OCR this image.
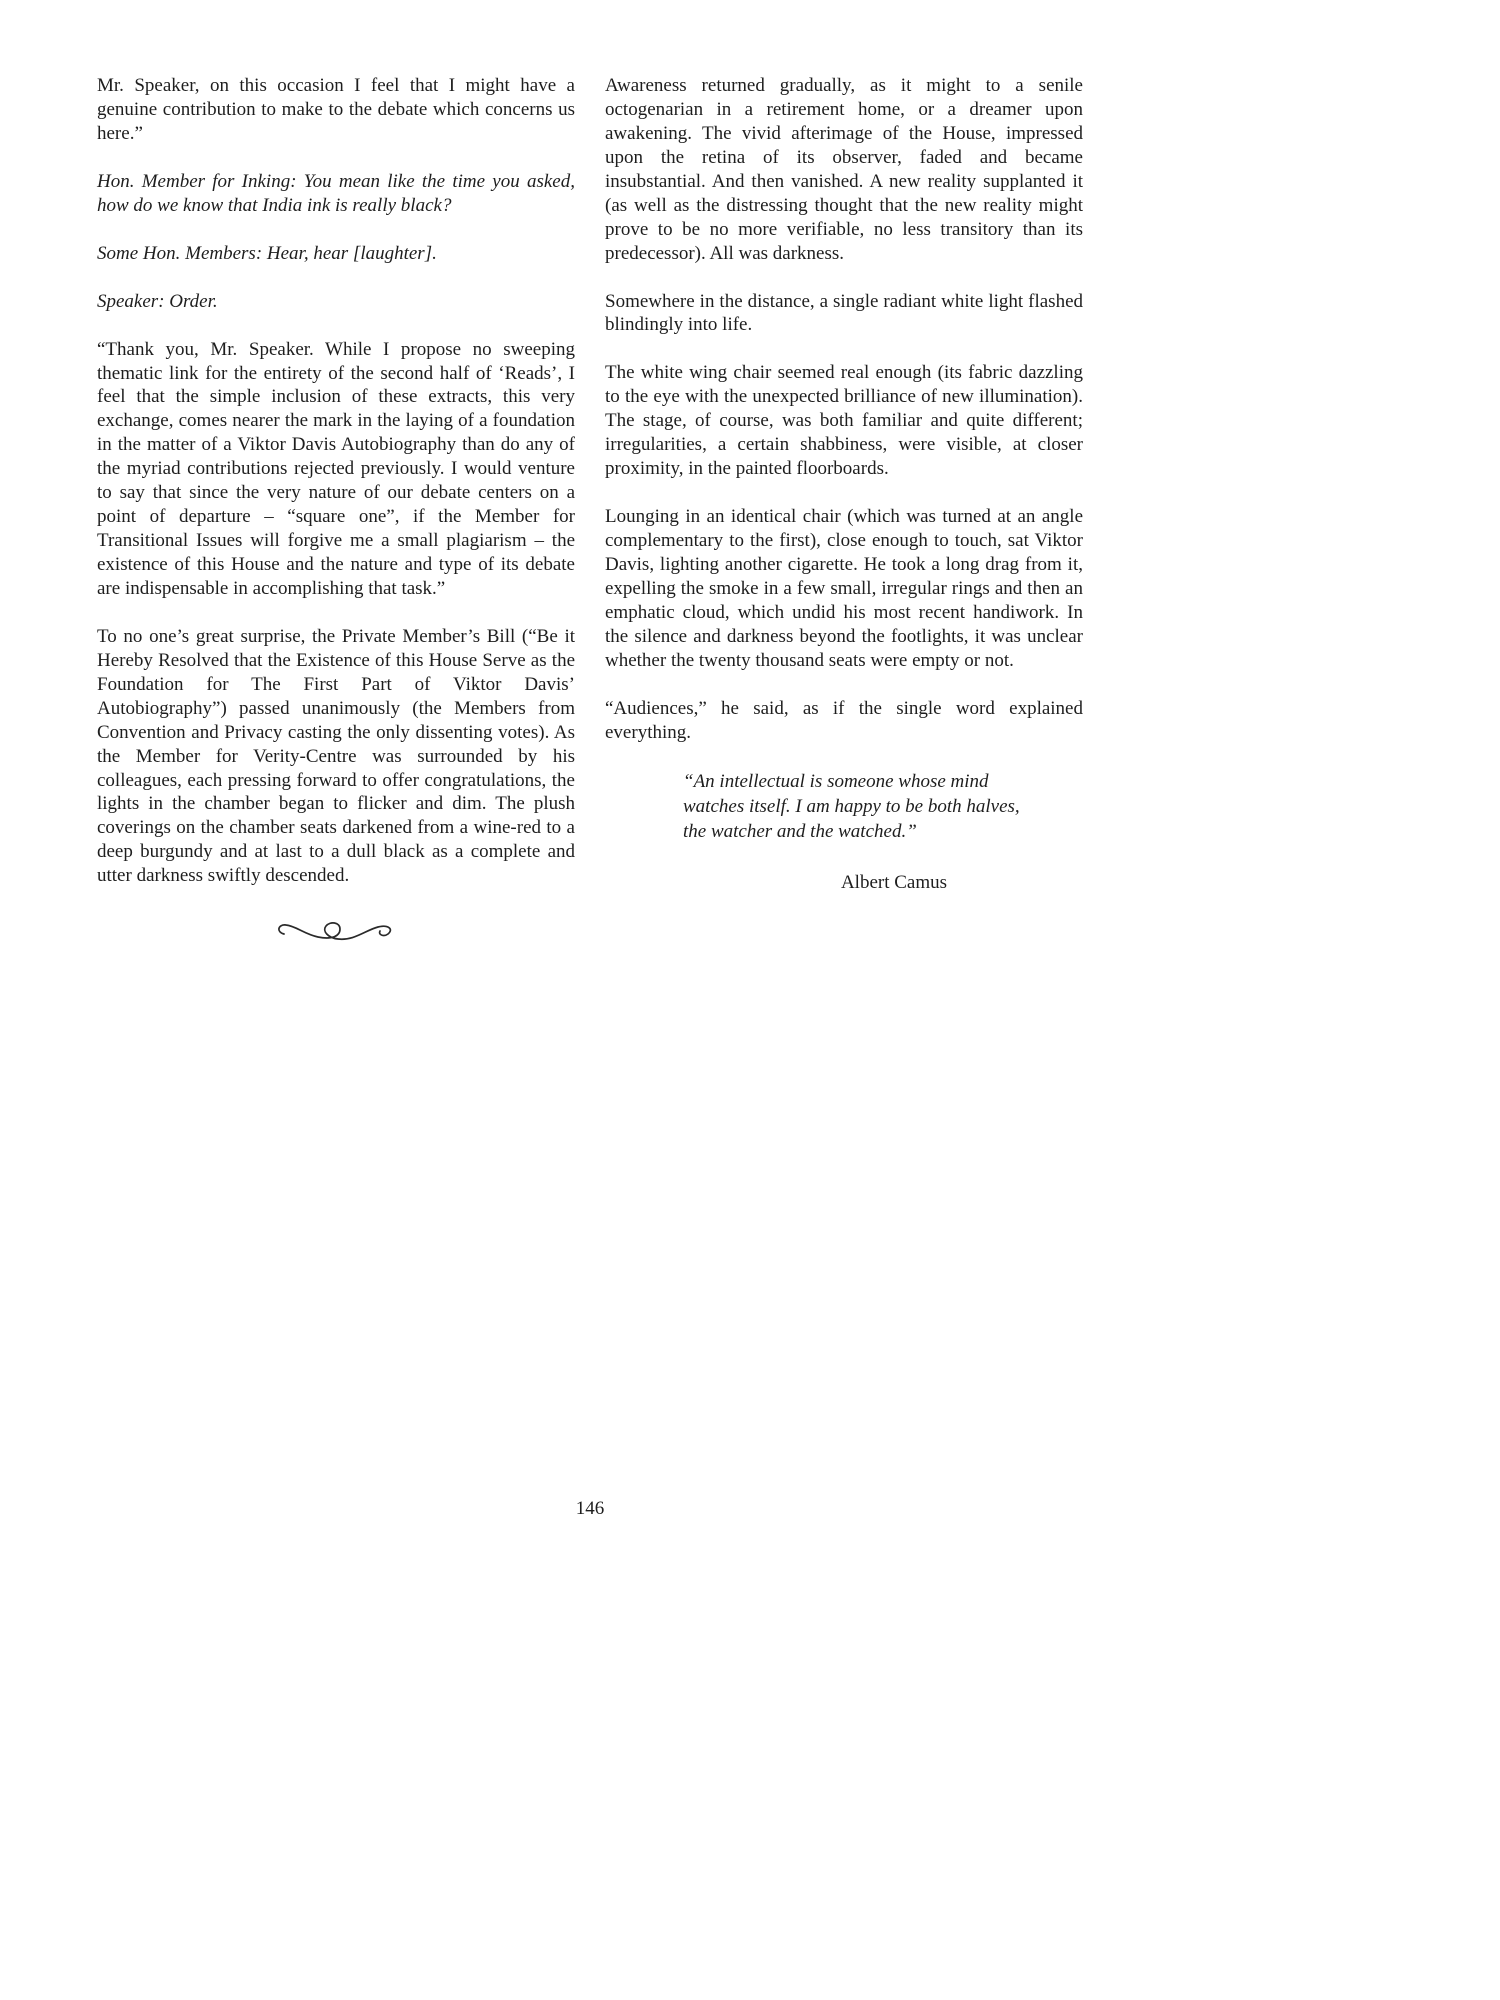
Mr. Speaker, on this occasion I feel that I might have a genuine contribution to make to the debate which concerns us here.”

Hon. Member for Inking: You mean like the time you asked, how do we know that India ink is really black?

Some Hon. Members: Hear, hear [laughter].

Speaker: Order.

“Thank you, Mr. Speaker. While I propose no sweeping thematic link for the entirety of the second half of ‘Reads’, I feel that the simple inclusion of these extracts, this very exchange, comes nearer the mark in the laying of a foundation in the matter of a Viktor Davis Autobiography than do any of the myriad contributions rejected previously. I would venture to say that since the very nature of our debate centers on a point of departure – “square one”, if the Member for Transitional Issues will forgive me a small plagiarism – the existence of this House and the nature and type of its debate are indispensable in accomplishing that task.”

To no one’s great surprise, the Private Member’s Bill (“Be it Hereby Resolved that the Existence of this House Serve as the Foundation for The First Part of Viktor Davis’ Autobiography”) passed unanimously (the Members from Convention and Privacy casting the only dissenting votes). As the Member for Verity-Centre was surrounded by his colleagues, each pressing forward to offer congratulations, the lights in the chamber began to flicker and dim. The plush coverings on the chamber seats darkened from a wine-red to a deep burgundy and at last to a dull black as a complete and utter darkness swiftly descended.

Awareness returned gradually, as it might to a senile octogenarian in a retirement home, or a dreamer upon awakening. The vivid afterimage of the House, impressed upon the retina of its observer, faded and became insubstantial. And then vanished. A new reality supplanted it (as well as the distressing thought that the new reality might prove to be no more verifiable, no less transitory than its predecessor). All was darkness.

Somewhere in the distance, a single radiant white light flashed blindingly into life.

The white wing chair seemed real enough (its fabric dazzling to the eye with the unexpected brilliance of new illumination). The stage, of course, was both familiar and quite different; irregularities, a certain shabbiness, were visible, at closer proximity, in the painted floorboards.

Lounging in an identical chair (which was turned at an angle complementary to the first), close enough to touch, sat Viktor Davis, lighting another cigarette. He took a long drag from it, expelling the smoke in a few small, irregular rings and then an emphatic cloud, which undid his most recent handiwork. In the silence and darkness beyond the footlights, it was unclear whether the twenty thousand seats were empty or not.

“Audiences,” he said, as if the single word explained everything.

“An intellectual is someone whose mind watches itself. I am happy to be both halves, the watcher and the watched.”
Albert Camus
146
